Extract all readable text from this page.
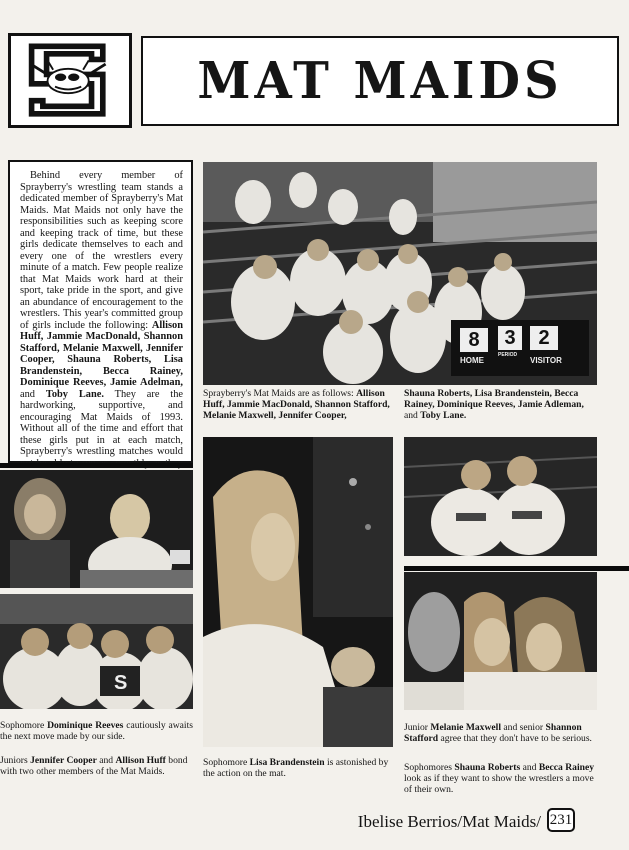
MAT MAIDS

Behind every member of Sprayberry's wrestling team stands a dedicated member of Sprayberry's Mat Maids. Mat Maids not only have the responsibilities such as keeping score and keeping track of time, but these girls dedicate themselves to each and every one of the wrestlers every minute of a match. Few people realize that Mat Maids work hard at their sport, take pride in the sport, and give an abundance of encouragement to the wrestlers. This year's committed group of girls include the following: Allison Huff, Jammie MacDonald, Shannon Stafford, Melanie Maxwell, Jennifer Cooper, Shauna Roberts, Lisa Brandenstein, Becca Rainey, Dominique Reeves, Jamie Adelman, and Toby Lane. They are the hardworking, supportive, and encouraging Mat Maids of 1993. Without all of the time and effort that these girls put in at each match, Sprayberry's wrestling matches would

8	3	2
HOME
PERIOD
VISITOR

Sprayberry's Mat Maids are as follows: Allison Huff, Jammie MacDonald, Shannon Stafford, Melanie Maxwell, Jennifer Cooper,

Shauna Roberts, Lisa Brandenstein, Becca Rainey, Dominique Reeves, Jamie Adleman, and Toby Lane.

S

Sophomore Dominique Reeves cautiously awaits the next move made by our side.

Juniors Jennifer Cooper and Allison Huff bond with two other members of the Mat Maids.

Sophomore Lisa Brandenstein is astonished by the action on the mat.

Junior Melanie Maxwell and senior Shannon Stafford agree that they don't have to be serious.

Sophomores Shauna Roberts and Becca Rainey look as if they want to show the wrestlers a move of their own.

Ibelise Berrios/Mat Maids/ 231
